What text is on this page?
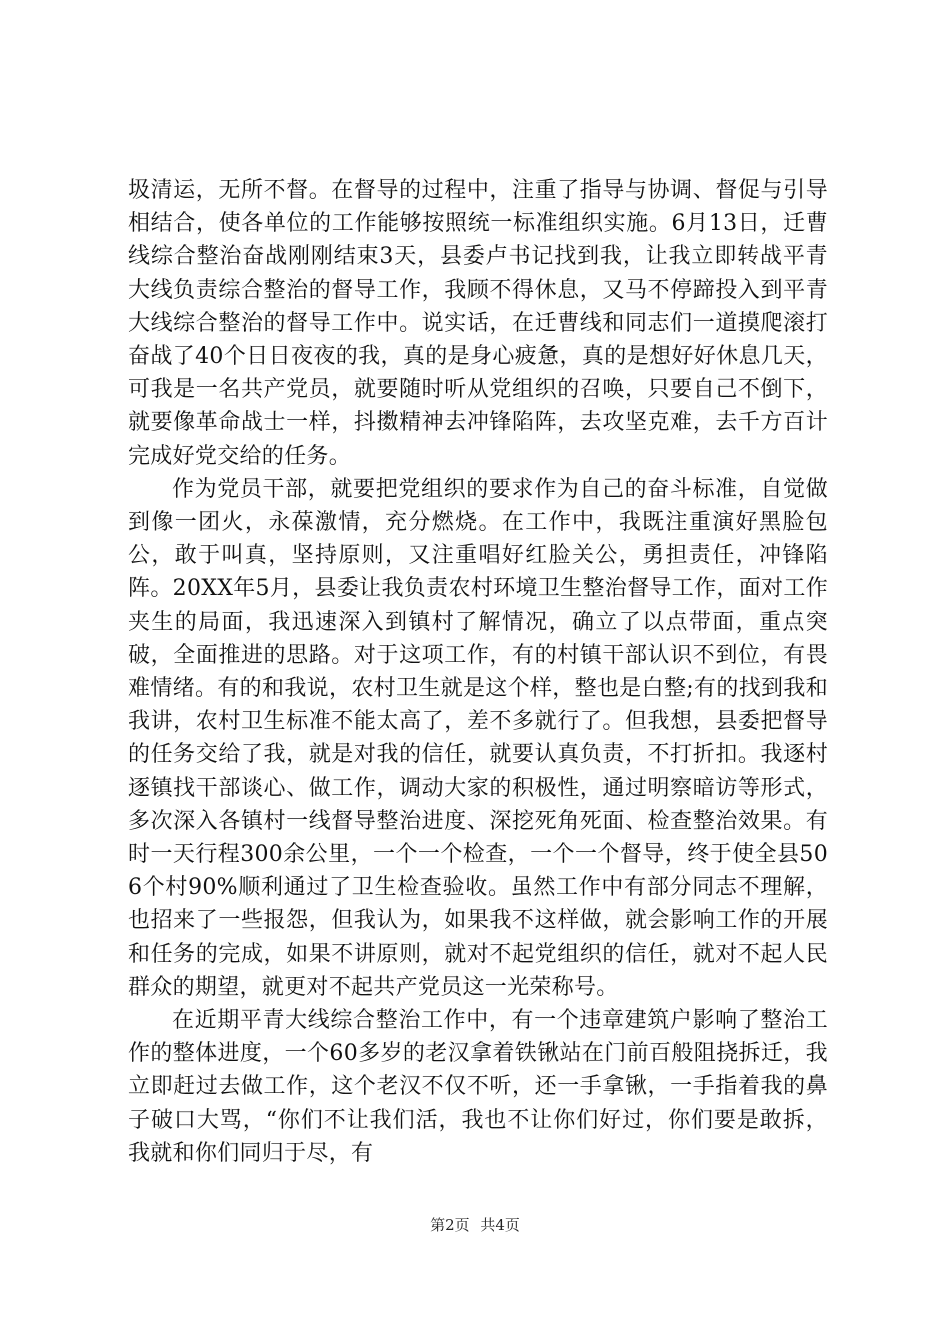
圾清运，无所不督。在督导的过程中，注重了指导与协调、督促与引导相结合，使各单位的工作能够按照统一标准组织实施。6月13日，迁曹线综合整治奋战刚刚结束3天，县委卢书记找到我，让我立即转战平青大线负责综合整治的督导工作，我顾不得休息，又马不停蹄投入到平青大线综合整治的督导工作中。说实话，在迁曹线和同志们一道摸爬滚打奋战了40个日日夜夜的我，真的是身心疲惫，真的是想好好休息几天，可我是一名共产党员，就要随时听从党组织的召唤，只要自己不倒下，就要像革命战士一样，抖擞精神去冲锋陷阵，去攻坚克难，去千方百计完成好党交给的任务。

作为党员干部，就要把党组织的要求作为自己的奋斗标准，自觉做到像一团火，永葆激情，充分燃烧。在工作中，我既注重演好黑脸包公，敢于叫真，坚持原则，又注重唱好红脸关公，勇担责任，冲锋陷阵。20XX年5月，县委让我负责农村环境卫生整治督导工作，面对工作夹生的局面，我迅速深入到镇村了解情况，确立了以点带面，重点突破，全面推进的思路。对于这项工作，有的村镇干部认识不到位，有畏难情绪。有的和我说，农村卫生就是这个样，整也是白整;有的找到我和我讲，农村卫生标准不能太高了，差不多就行了。但我想，县委把督导的任务交给了我，就是对我的信任，就要认真负责，不打折扣。我逐村逐镇找干部谈心、做工作，调动大家的积极性，通过明察暗访等形式，多次深入各镇村一线督导整治进度、深挖死角死面、检查整治效果。有时一天行程300余公里，一个一个检查，一个一个督导，终于使全县506个村90%顺利通过了卫生检查验收。虽然工作中有部分同志不理解，也招来了一些报怨，但我认为，如果我不这样做，就会影响工作的开展和任务的完成，如果不讲原则，就对不起党组织的信任，就对不起人民群众的期望，就更对不起共产党员这一光荣称号。

在近期平青大线综合整治工作中，有一个违章建筑户影响了整治工作的整体进度，一个60多岁的老汉拿着铁锹站在门前百般阻挠拆迁，我立即赶过去做工作，这个老汉不仅不听，还一手拿锹，一手指着我的鼻子破口大骂，“你们不让我们活，我也不让你们好过，你们要是敢拆，我就和你们同归于尽，有

第2页 共4页
